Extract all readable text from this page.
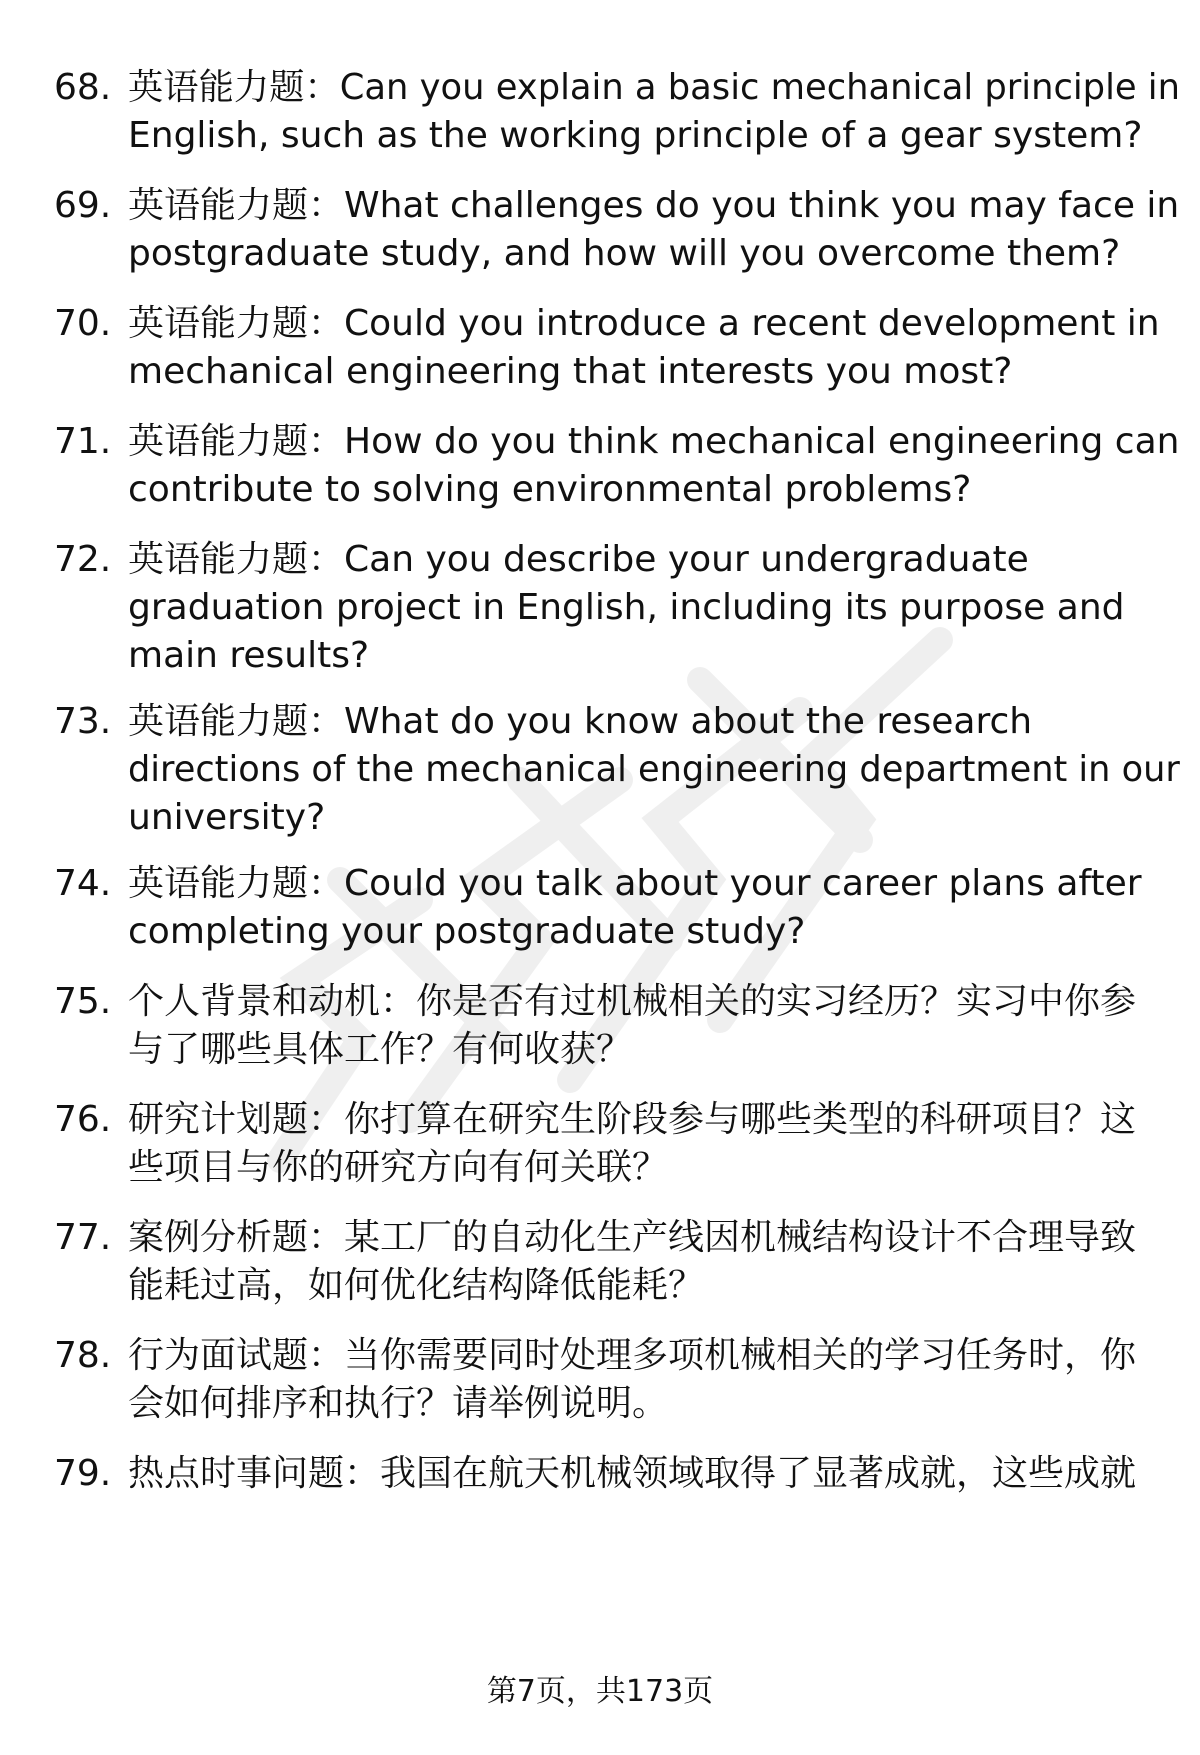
68. 英语能力题：Can you explain a basic mechanical principle in
English, such as the working principle of a gear system?
69. 英语能力题：What challenges do you think you may face in
postgraduate study, and how will you overcome them?
70. 英语能力题：Could you introduce a recent development in
mechanical engineering that interests you most?
71. 英语能力题：How do you think mechanical engineering can
contribute to solving environmental problems?
72. 英语能力题：Can you describe your undergraduate
graduation project in English, including its purpose and
main results?
73. 英语能力题：What do you know about the research
directions of the mechanical engineering department in our
university?
74. 英语能力题：Could you talk about your career plans after
completing your postgraduate study?
75. 个人背景和动机：你是否有过机械相关的实习经历？实习中你参
与了哪些具体工作？有何收获？
76. 研究计划题：你打算在研究生阶段参与哪些类型的科研项目？这
些项目与你的研究方向有何关联？
77. 案例分析题：某工厂的自动化生产线因机械结构设计不合理导致
能耗过高，如何优化结构降低能耗？
78. 行为面试题：当你需要同时处理多项机械相关的学习任务时，你
会如何排序和执行？请举例说明。
79. 热点时事问题：我国在航天机械领域取得了显著成就，这些成就
第7页，共173页
